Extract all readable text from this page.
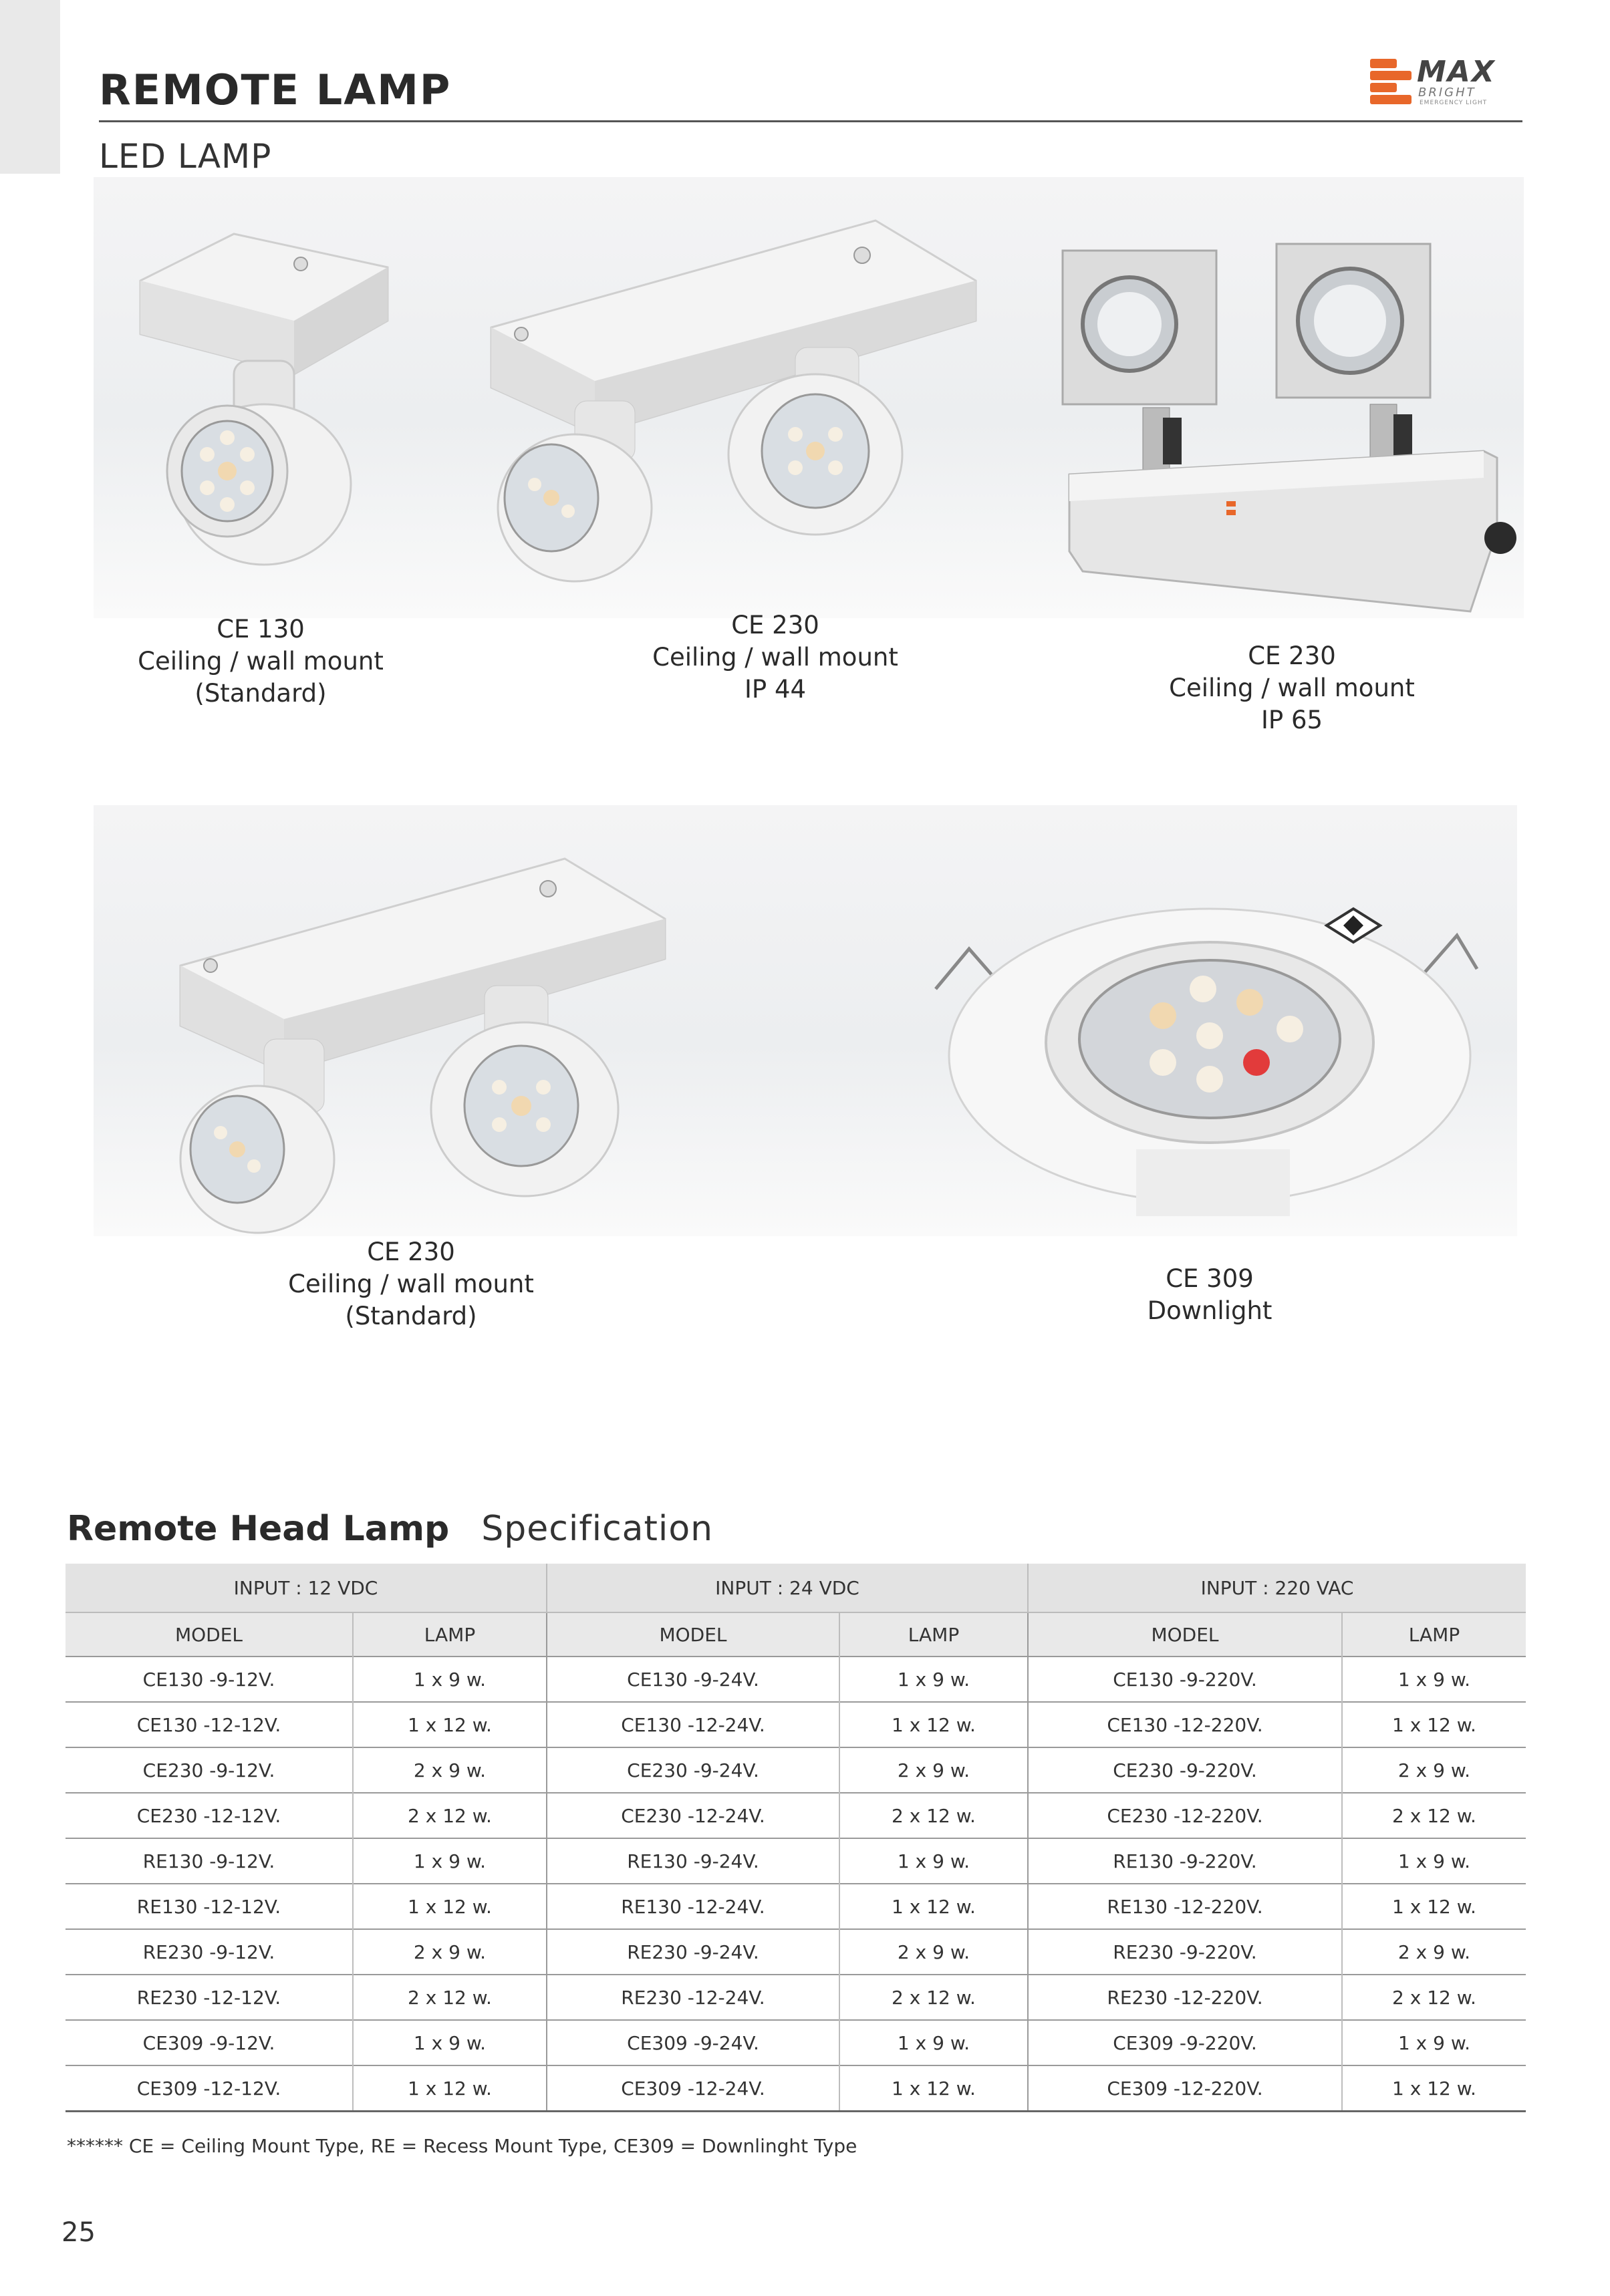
REMOTE LAMP
LED LAMP
MAX
BRIGHT
EMERGENCY LIGHT
CE 130
Ceiling / wall mount
(Standard)
CE 230
Ceiling / wall mount
IP 44
CE 230
Ceiling / wall mount
IP 65
CE 230
Ceiling / wall mount
(Standard)
CE 309
Downlight
Remote Head Lamp Specification
INPUT : 12 VDC		INPUT : 24 VDC		INPUT : 220 VAC	
MODEL	LAMP	MODEL	LAMP	MODEL	LAMP
CE130 -9-12V.	1 x 9 w.	CE130 -9-24V.	1 x 9 w.	CE130 -9-220V.	1 x 9 w.
CE130 -12-12V.	1 x 12 w.	CE130 -12-24V.	1 x 12 w.	CE130 -12-220V.	1 x 12 w.
CE230 -9-12V.	2 x 9 w.	CE230 -9-24V.	2 x 9 w.	CE230 -9-220V.	2 x 9 w.
CE230 -12-12V.	2 x 12 w.	CE230 -12-24V.	2 x 12 w.	CE230 -12-220V.	2 x 12 w.
RE130 -9-12V.	1 x 9 w.	RE130 -9-24V.	1 x 9 w.	RE130 -9-220V.	1 x 9 w.
RE130 -12-12V.	1 x 12 w.	RE130 -12-24V.	1 x 12 w.	RE130 -12-220V.	1 x 12 w.
RE230 -9-12V.	2 x 9 w.	RE230 -9-24V.	2 x 9 w.	RE230 -9-220V.	2 x 9 w.
RE230 -12-12V.	2 x 12 w.	RE230 -12-24V.	2 x 12 w.	RE230 -12-220V.	2 x 12 w.
CE309 -9-12V.	1 x 9 w.	CE309 -9-24V.	1 x 9 w.	CE309 -9-220V.	1 x 9 w.
CE309 -12-12V.	1 x 12 w.	CE309 -12-24V.	1 x 12 w.	CE309 -12-220V.	1 x 12 w.
****** CE = Ceiling Mount Type, RE = Recess Mount Type, CE309 = Downlinght Type
25
